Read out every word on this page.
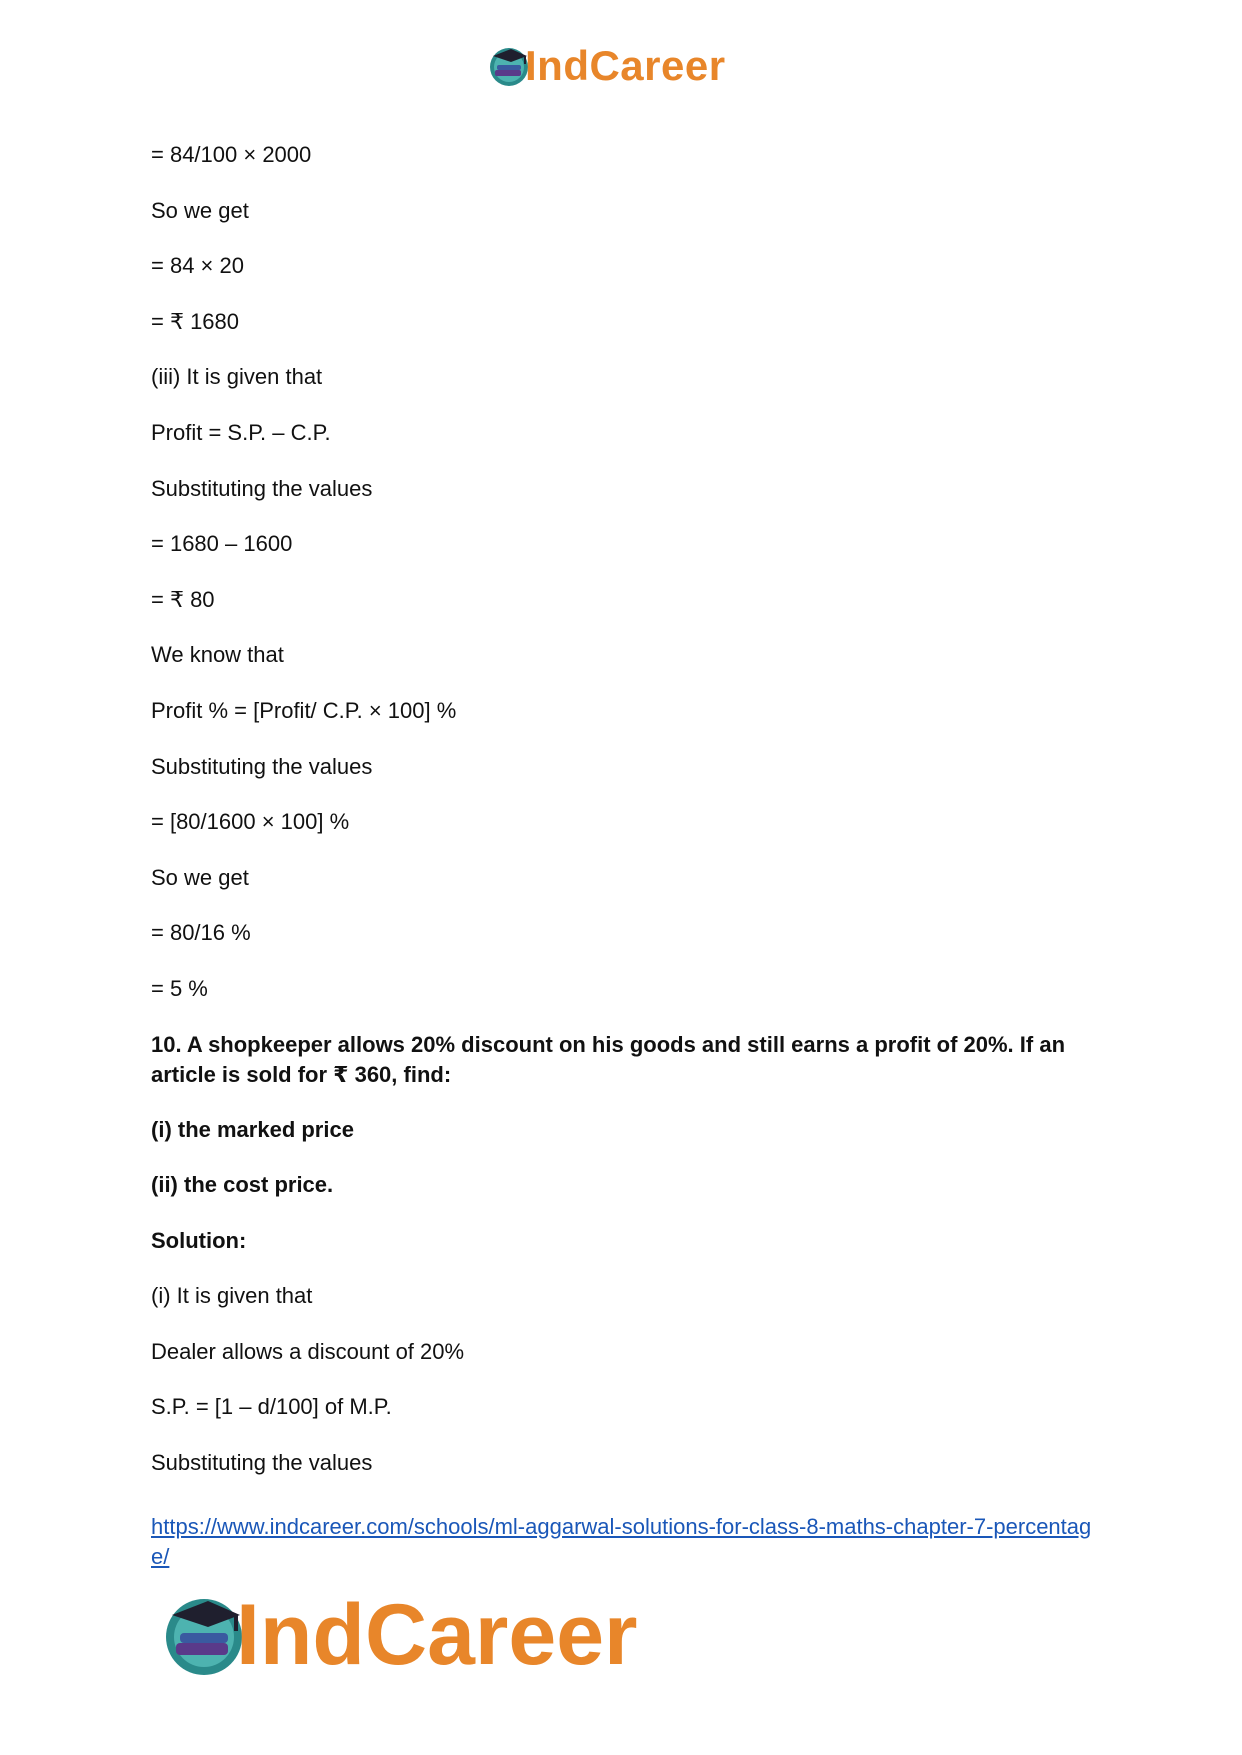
IndCareer
= 84/100 × 2000
So we get
= 84 × 20
= ₹ 1680
(iii) It is given that
Profit = S.P. – C.P.
Substituting the values
= 1680 – 1600
= ₹ 80
We know that
Profit % = [Profit/ C.P. × 100] %
Substituting the values
= [80/1600 × 100] %
So we get
= 80/16 %
= 5 %
10. A shopkeeper allows 20% discount on his goods and still earns a profit of 20%. If an article is sold for ₹ 360, find:
(i) the marked price
(ii) the cost price.
Solution:
(i) It is given that
Dealer allows a discount of 20%
S.P. = [1 – d/100] of M.P.
Substituting the values
https://www.indcareer.com/schools/ml-aggarwal-solutions-for-class-8-maths-chapter-7-percentage/
IndCareer
